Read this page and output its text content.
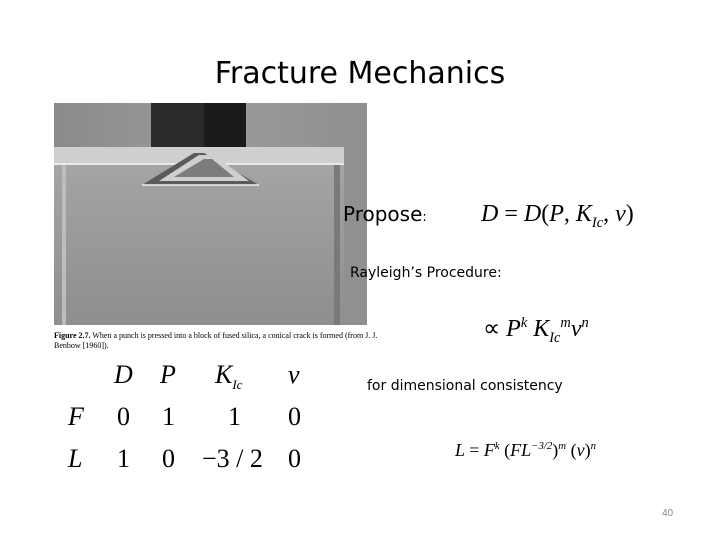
Fracture Mechanics
Figure 2.7. When a punch is pressed into a block of fused silica, a conical crack is formed (from J. J. Benbow [1960]).
Propose: D = D(P, $K_{Ic}$, ν)
Rayleigh’s Procedure:
∝ $P^k$ $K_{Ic}^m\nu^n$
for dimensional consistency
$L = F^k$ $(FL^{-3/2})^m$ $(\nu)^n$
D P $K_{Ic}$ ν
F 0 1 1 0
L 1 0 −3 / 2 0
40
